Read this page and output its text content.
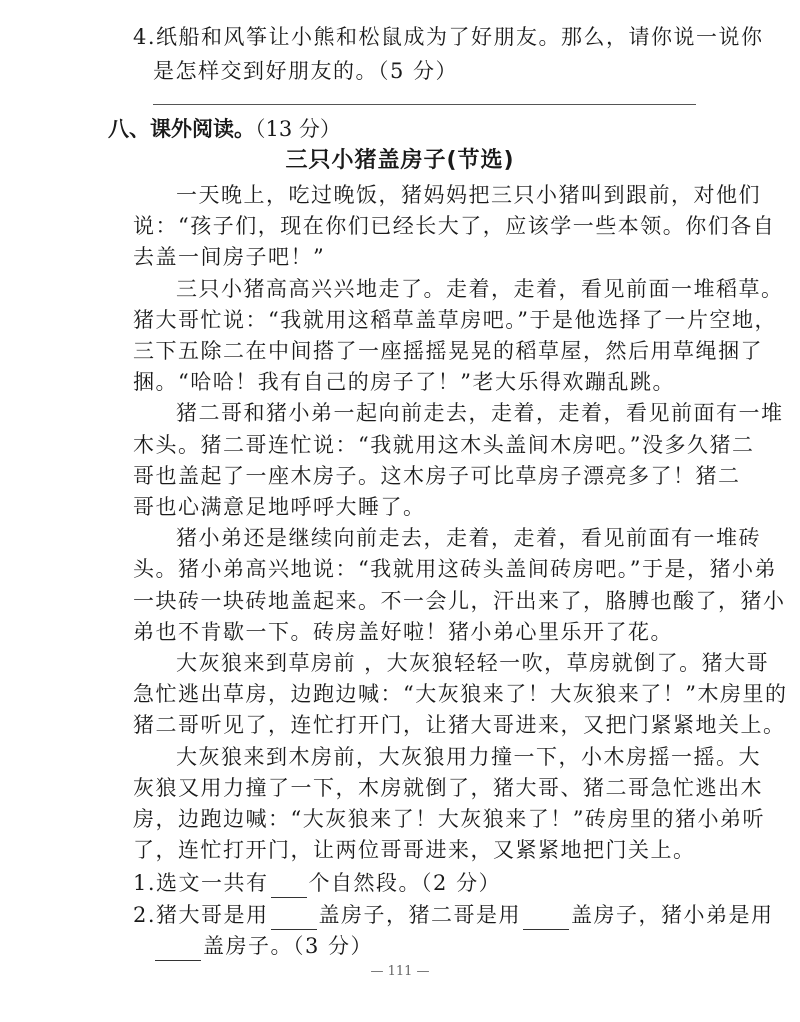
4.纸船和风筝让小熊和松鼠成为了好朋友。那么，请你说一说你
是怎样交到好朋友的。（5 分）
八、课外阅读。（13 分）
三只小猪盖房子(节选)
一天晚上，吃过晚饭，猪妈妈把三只小猪叫到跟前，对他们
说：“孩子们，现在你们已经长大了，应该学一些本领。你们各自
去盖一间房子吧！”
三只小猪高高兴兴地走了。走着，走着，看见前面一堆稻草。
猪大哥忙说：“我就用这稻草盖草房吧。”于是他选择了一片空地，
三下五除二在中间搭了一座摇摇晃晃的稻草屋，然后用草绳捆了
捆。“哈哈！我有自己的房子了！”老大乐得欢蹦乱跳。
猪二哥和猪小弟一起向前走去，走着，走着，看见前面有一堆
木头。猪二哥连忙说：“我就用这木头盖间木房吧。”没多久猪二
哥也盖起了一座木房子。这木房子可比草房子漂亮多了！猪二
哥也心满意足地呼呼大睡了。
猪小弟还是继续向前走去，走着，走着，看见前面有一堆砖
头。猪小弟高兴地说：“我就用这砖头盖间砖房吧。”于是，猪小弟
一块砖一块砖地盖起来。不一会儿，汗出来了，胳膊也酸了，猪小
弟也不肯歇一下。砖房盖好啦！猪小弟心里乐开了花。
大灰狼来到草房前 ，大灰狼轻轻一吹，草房就倒了。猪大哥
急忙逃出草房，边跑边喊：“大灰狼来了！大灰狼来了！”木房里的
猪二哥听见了，连忙打开门，让猪大哥进来，又把门紧紧地关上。
大灰狼来到木房前，大灰狼用力撞一下，小木房摇一摇。大
灰狼又用力撞了一下，木房就倒了，猪大哥、猪二哥急忙逃出木
房，边跑边喊：“大灰狼来了！大灰狼来了！”砖房里的猪小弟听
了，连忙打开门，让两位哥哥进来，又紧紧地把门关上。
1.选文一共有 个自然段。（2 分）
2.猪大哥是用 盖房子，猪二哥是用 盖房子，猪小弟是用
盖房子。（3 分）
— 111 —
